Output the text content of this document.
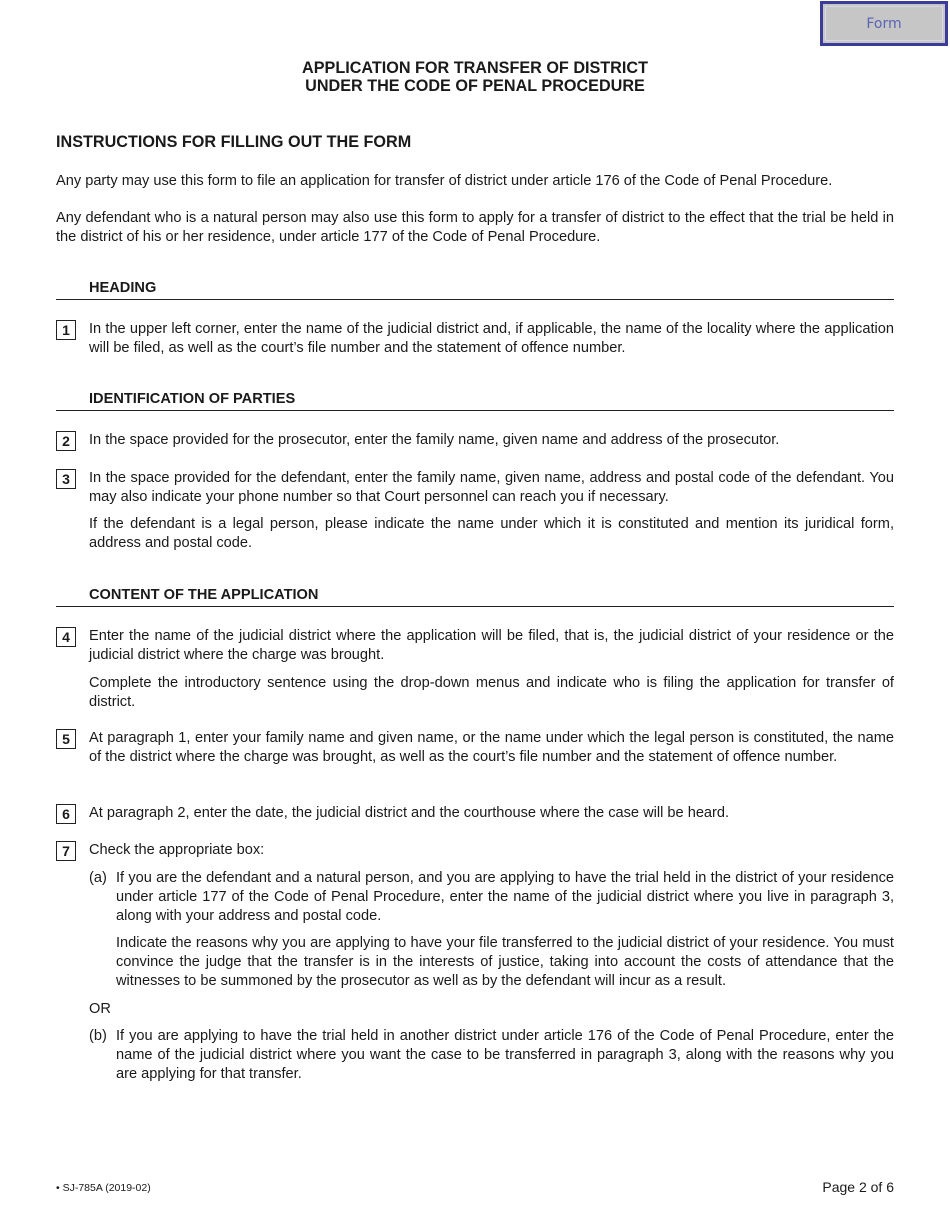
Form
APPLICATION FOR TRANSFER OF DISTRICT
UNDER THE CODE OF PENAL PROCEDURE
INSTRUCTIONS FOR FILLING OUT THE FORM
Any party may use this form to file an application for transfer of district under article 176 of the Code of Penal Procedure.
Any defendant who is a natural person may also use this form to apply for a transfer of district to the effect that the trial be held in the district of his or her residence, under article 177 of the Code of Penal Procedure.
HEADING
1	In the upper left corner, enter the name of the judicial district and, if applicable, the name of the locality where the application will be filed, as well as the court’s file number and the statement of offence number.
IDENTIFICATION OF PARTIES
2	In the space provided for the prosecutor, enter the family name, given name and address of the prosecutor.
3	In the space provided for the defendant, enter the family name, given name, address and postal code of the defendant. You may also indicate your phone number so that Court personnel can reach you if necessary.
If the defendant is a legal person, please indicate the name under which it is constituted and mention its juridical form, address and postal code.
CONTENT OF THE APPLICATION
4	Enter the name of the judicial district where the application will be filed, that is, the judicial district of your residence or the judicial district where the charge was brought.
Complete the introductory sentence using the drop-down menus and indicate who is filing the application for transfer of district.
5	At paragraph 1, enter your family name and given name, or the name under which the legal person is constituted, the name of the district where the charge was brought, as well as the court’s file number and the statement of offence number.
6	At paragraph 2, enter the date, the judicial district and the courthouse where the case will be heard.
7	Check the appropriate box:
(a) If you are the defendant and a natural person, and you are applying to have the trial held in the district of your residence under article 177 of the Code of Penal Procedure, enter the name of the judicial district where you live in paragraph 3, along with your address and postal code.
Indicate the reasons why you are applying to have your file transferred to the judicial district of your residence. You must convince the judge that the transfer is in the interests of justice, taking into account the costs of attendance that the witnesses to be summoned by the prosecutor as well as by the defendant will incur as a result.
OR
(b) If you are applying to have the trial held in another district under article 176 of the Code of Penal Procedure, enter the name of the judicial district where you want the case to be transferred in paragraph 3, along with the reasons why you are applying for that transfer.
• SJ-785A (2019-02)	Page 2 of 6
